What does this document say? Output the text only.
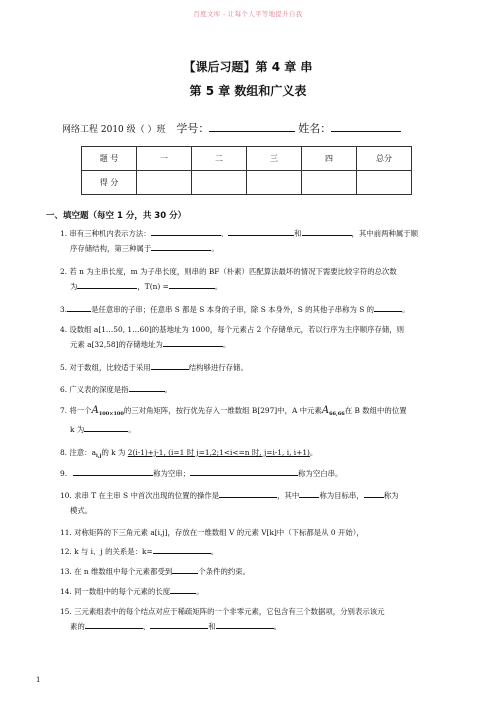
百度文库 - 让每个人平等地提升自我
【课后习题】第 4 章 串
第 5 章 数组和广义表
网络工程 2010 级（ ）班 学号：	姓名：
题 号	一	二	三	四	总分
得 分					
一、填空题（每空 1 分，共 30 分）
1. 串有三种机内表示方法：	、	和	，其中前两种属于顺
序存储结构，第三种属于	。
2. 若 n 为主串长度，m 为子串长度，则串的 BF（朴素）匹配算法最坏的情况下需要比较字符的总次数
为	，T(n) =	。
3.	是任意串的子串；任意串 S 都是 S 本身的子串，除 S 本身外，S 的其他子串称为 S 的	。
4. 设数组 a[1…50, 1…60]的基地址为 1000，每个元素占 2 个存储单元，若以行序为主序顺序存储，则
元素 a[32,58]的存储地址为	。
5. 对于数组，比较适于采用	结构够进行存储。
6. 广义表的深度是指	。
7. 将一个$A_{100\times 100}$的三对角矩阵，按行优先存入一维数组 B[297]中，A 中元素$A_{66,66}$在 B 数组中的位置
k 为	。
8. 注意：$a_{i,j}$的 k 为 2(i-1)+j-1, (i=1 时 j=1,2;1<i<=n 时, j=i-1, i, i+1)。
9.	称为空串；	称为空白串。
10. 求串 T 在主串 S 中首次出现的位置的操作是	，其中	称为目标串，	称为
模式。
11. 对称矩阵的下三角元素 a[i,j]，存放在一维数组 V 的元素 V[k]中（下标都是从 0 开始），
12. k 与 i、j 的关系是：k=	。
13. 在 n 维数组中每个元素都受到	个条件的约束。
14. 同一数组中的每个元素的长度	。
15. 三元素组表中的每个结点对应于稀疏矩阵的一个非零元素，它包含有三个数据项，分别表示该元
素的	、	和	。
1
